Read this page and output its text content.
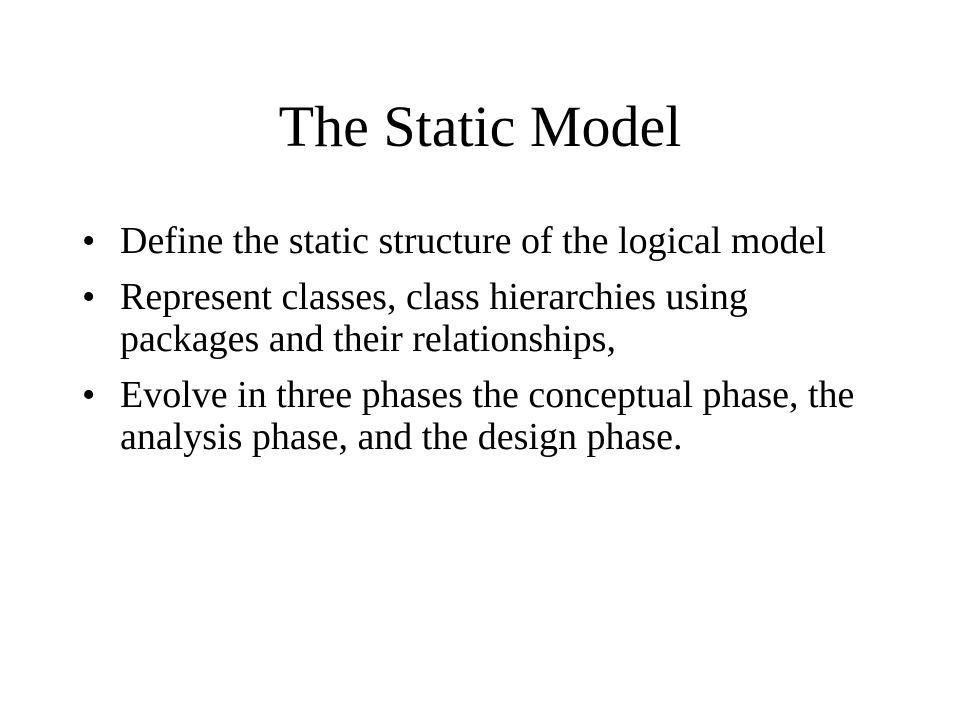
The Static Model
• Define the static structure of the logical model
• Represent classes, class hierarchies using packages and their relationships,
• Evolve in three phases the conceptual phase, the analysis phase, and the design phase.
